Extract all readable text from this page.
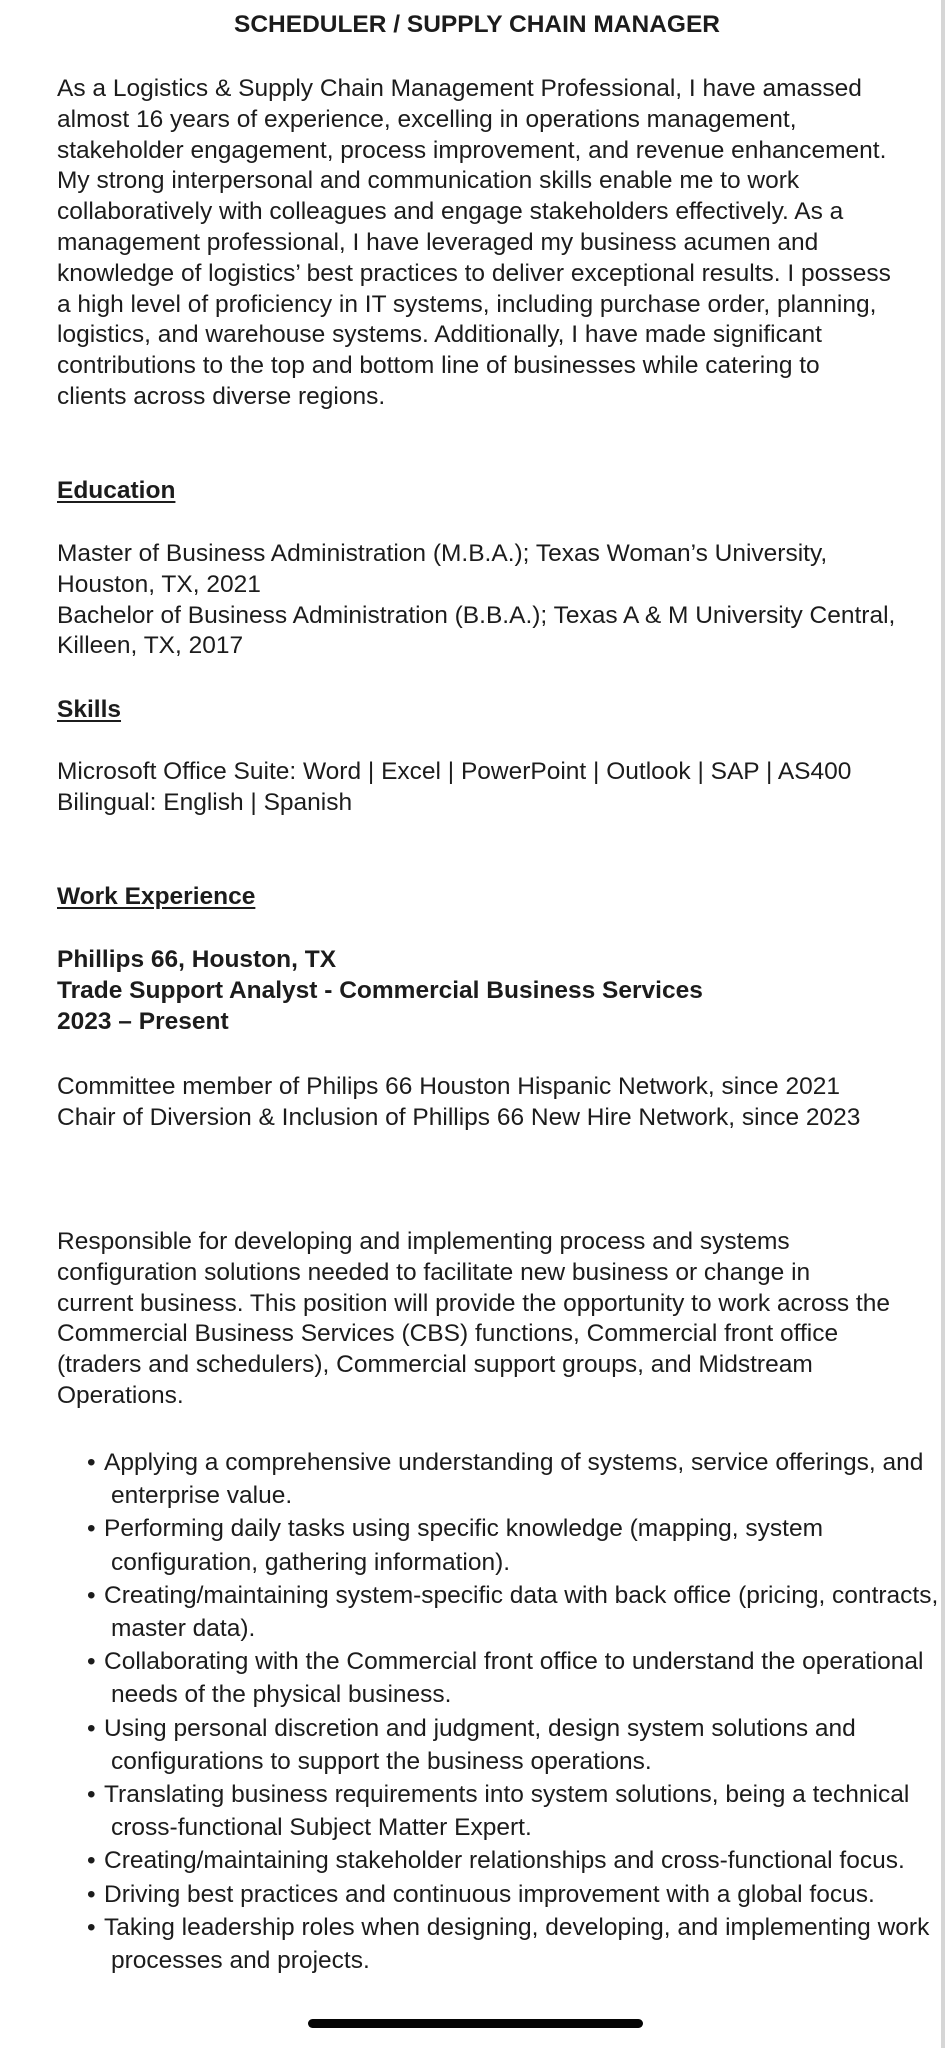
SCHEDULER / SUPPLY CHAIN MANAGER

As a Logistics & Supply Chain Management Professional, I have amassed almost 16 years of experience, excelling in operations management, stakeholder engagement, process improvement, and revenue enhancement. My strong interpersonal and communication skills enable me to work collaboratively with colleagues and engage stakeholders effectively. As a management professional, I have leveraged my business acumen and knowledge of logistics’ best practices to deliver exceptional results. I possess a high level of proficiency in IT systems, including purchase order, planning, logistics, and warehouse systems. Additionally, I have made significant contributions to the top and bottom line of businesses while catering to clients across diverse regions.

Education

Master of Business Administration (M.B.A.); Texas Woman’s University, Houston, TX, 2021
Bachelor of Business Administration (B.B.A.); Texas A & M University Central, Killeen, TX, 2017

Skills

Microsoft Office Suite: Word | Excel | PowerPoint | Outlook | SAP | AS400
Bilingual: English | Spanish

Work Experience
Phillips 66, Houston, TX
Trade Support Analyst - Commercial Business Services
2023 – Present

Committee member of Philips 66 Houston Hispanic Network, since 2021
Chair of Diversion & Inclusion of Phillips 66 New Hire Network, since 2023

Responsible for developing and implementing process and systems configuration solutions needed to facilitate new business or change in current business. This position will provide the opportunity to work across the Commercial Business Services (CBS) functions, Commercial front office (traders and schedulers), Commercial support groups, and Midstream Operations.

• Applying a comprehensive understanding of systems, service offerings, and enterprise value.
• Performing daily tasks using specific knowledge (mapping, system configuration, gathering information).
• Creating/maintaining system-specific data with back office (pricing, contracts, master data).
• Collaborating with the Commercial front office to understand the operational needs of the physical business.
• Using personal discretion and judgment, design system solutions and configurations to support the business operations.
• Translating business requirements into system solutions, being a technical cross-functional Subject Matter Expert.
• Creating/maintaining stakeholder relationships and cross-functional focus.
• Driving best practices and continuous improvement with a global focus.
• Taking leadership roles when designing, developing, and implementing work processes and projects.
